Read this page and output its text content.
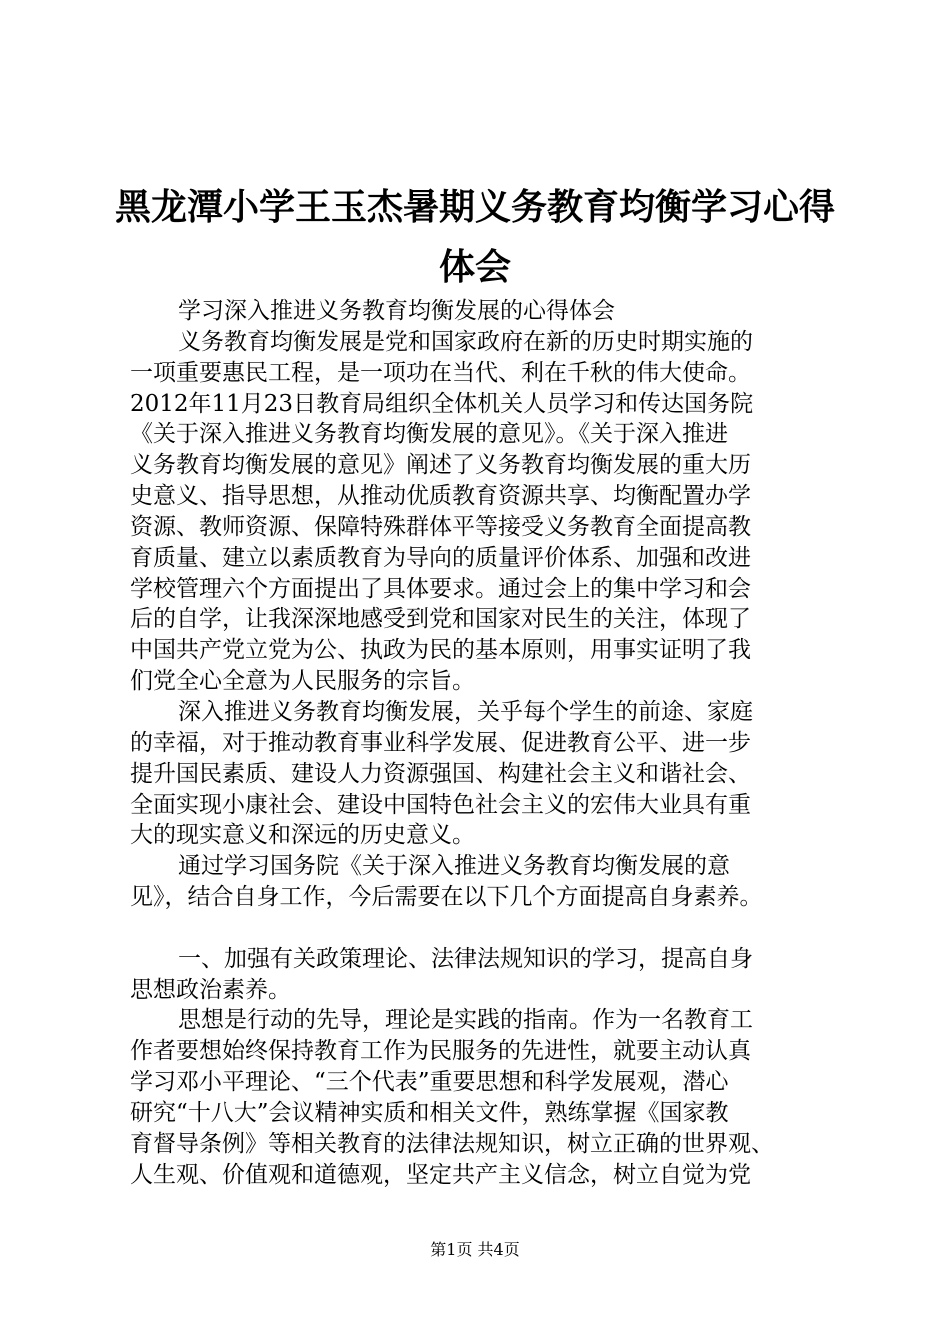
黑龙潭小学王玉杰暑期义务教育均衡学习心得
体会
学习深入推进义务教育均衡发展的心得体会
义务教育均衡发展是党和国家政府在新的历史时期实施的
一项重要惠民工程，是一项功在当代、利在千秋的伟大使命。
2012年11月23日教育局组织全体机关人员学习和传达国务院
《关于深入推进义务教育均衡发展的意见》。《关于深入推进
义务教育均衡发展的意见》阐述了义务教育均衡发展的重大历
史意义、指导思想，从推动优质教育资源共享、均衡配置办学
资源、教师资源、保障特殊群体平等接受义务教育全面提高教
育质量、建立以素质教育为导向的质量评价体系、加强和改进
学校管理六个方面提出了具体要求。通过会上的集中学习和会
后的自学，让我深深地感受到党和国家对民生的关注，体现了
中国共产党立党为公、执政为民的基本原则，用事实证明了我
们党全心全意为人民服务的宗旨。
深入推进义务教育均衡发展，关乎每个学生的前途、家庭
的幸福，对于推动教育事业科学发展、促进教育公平、进一步
提升国民素质、建设人力资源强国、构建社会主义和谐社会、
全面实现小康社会、建设中国特色社会主义的宏伟大业具有重
大的现实意义和深远的历史意义。
通过学习国务院《关于深入推进义务教育均衡发展的意
见》，结合自身工作，今后需要在以下几个方面提高自身素养。
一、加强有关政策理论、法律法规知识的学习，提高自身
思想政治素养。
思想是行动的先导，理论是实践的指南。作为一名教育工
作者要想始终保持教育工作为民服务的先进性，就要主动认真
学习邓小平理论、“三个代表”重要思想和科学发展观，潜心
研究“十八大”会议精神实质和相关文件，熟练掌握《国家教
育督导条例》等相关教育的法律法规知识，树立正确的世界观、
人生观、价值观和道德观，坚定共产主义信念，树立自觉为党
第1页 共4页
